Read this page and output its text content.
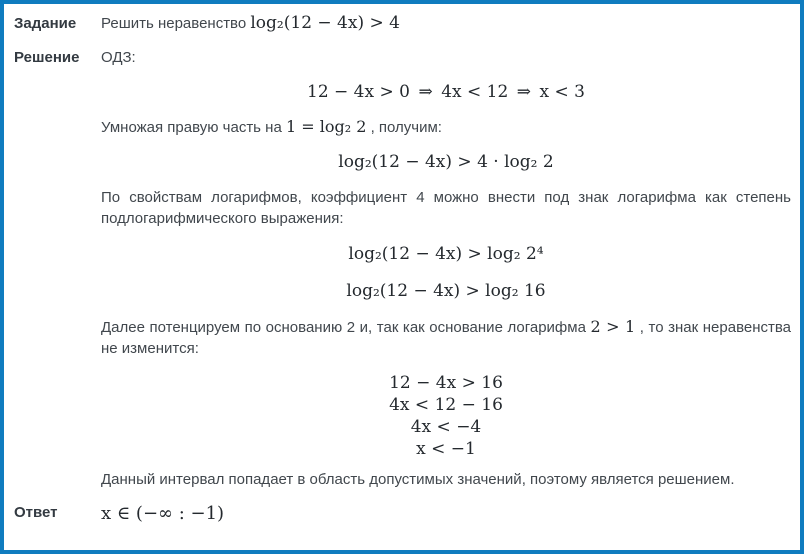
Задание	Решить неравенство log₂(12 − 4x) > 4
Решение	ОДЗ:
12 − 4x > 0 ⇒ 4x < 12 ⇒ x < 3
Умножая правую часть на 1 = log₂ 2 , получим:
log₂(12 − 4x) > 4 · log₂ 2
По свойствам логарифмов, коэффициент 4 можно внести под знак логарифма как степень подлогарифмического выражения:
log₂(12 − 4x) > log₂ 2⁴
log₂(12 − 4x) > log₂ 16
Далее потенцируем по основанию 2 и, так как основание логарифма 2 > 1 , то знак неравенства не изменится:
12 − 4x > 16
4x < 12 − 16
4x < −4
x < −1
Данный интервал попадает в область допустимых значений, поэтому является решением.
Ответ	x ∈ (−∞ : −1)
